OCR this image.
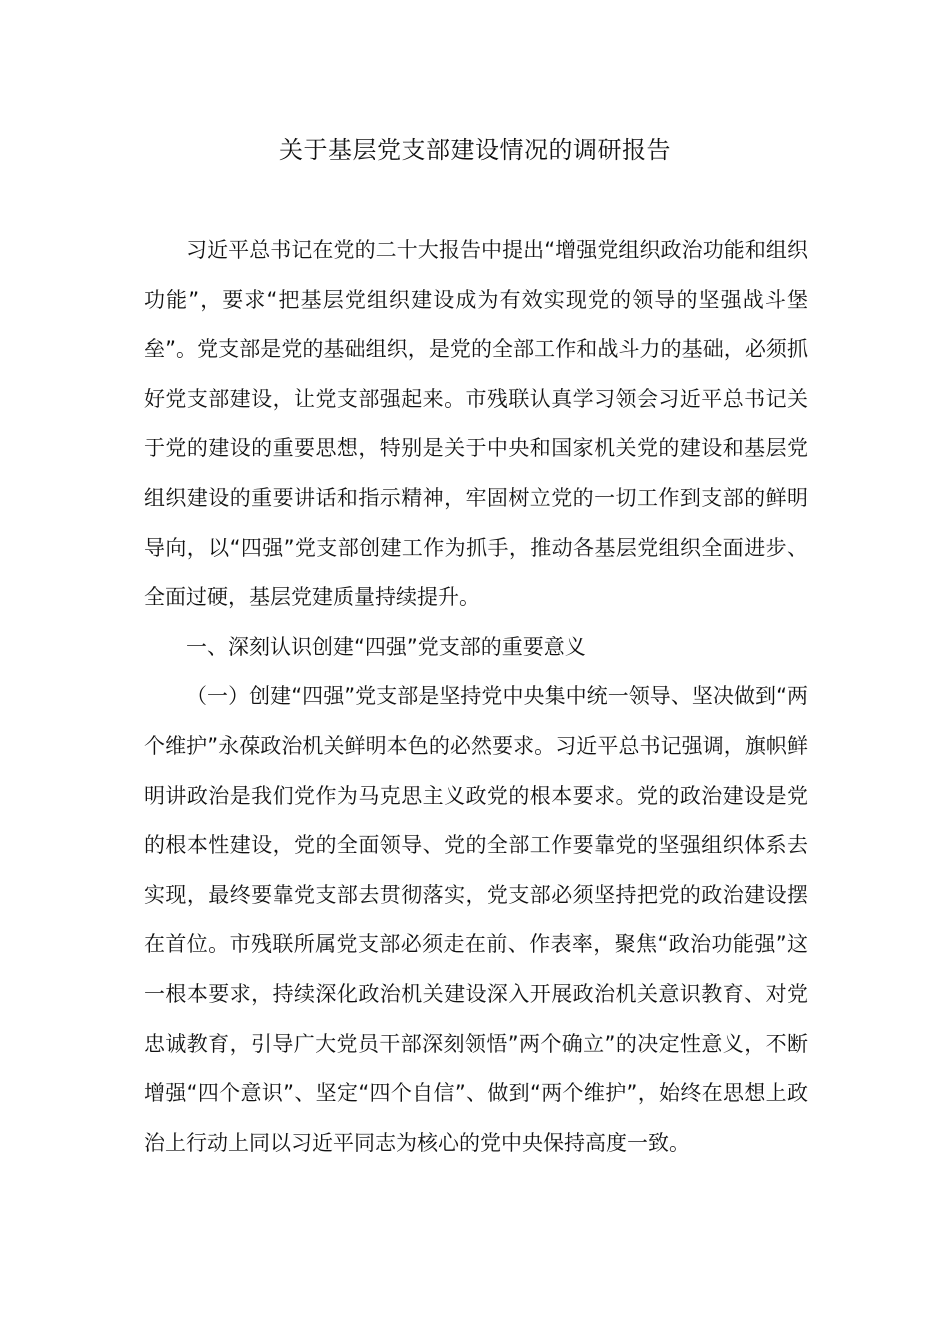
关于基层党支部建设情况的调研报告

习近平总书记在党的二十大报告中提出“增强党组织政治功能和组织功能”，要求“把基层党组织建设成为有效实现党的领导的坚强战斗堡垒”。党支部是党的基础组织，是党的全部工作和战斗力的基础，必须抓好党支部建设，让党支部强起来。市残联认真学习领会习近平总书记关于党的建设的重要思想，特别是关于中央和国家机关党的建设和基层党组织建设的重要讲话和指示精神，牢固树立党的一切工作到支部的鲜明导向，以“四强”党支部创建工作为抓手，推动各基层党组织全面进步、全面过硬，基层党建质量持续提升。

一、深刻认识创建“四强”党支部的重要意义

（一）创建“四强”党支部是坚持党中央集中统一领导、坚决做到“两个维护”永葆政治机关鲜明本色的必然要求。习近平总书记强调，旗帜鲜明讲政治是我们党作为马克思主义政党的根本要求。党的政治建设是党的根本性建设，党的全面领导、党的全部工作要靠党的坚强组织体系去实现，最终要靠党支部去贯彻落实，党支部必须坚持把党的政治建设摆在首位。市残联所属党支部必须走在前、作表率，聚焦“政治功能强”这一根本要求，持续深化政治机关建设深入开展政治机关意识教育、对党忠诚教育，引导广大党员干部深刻领悟”两个确立”的决定性意义，不断增强“四个意识”、坚定“四个自信”、做到“两个维护”，始终在思想上政治上行动上同以习近平同志为核心的党中央保持高度一致。
